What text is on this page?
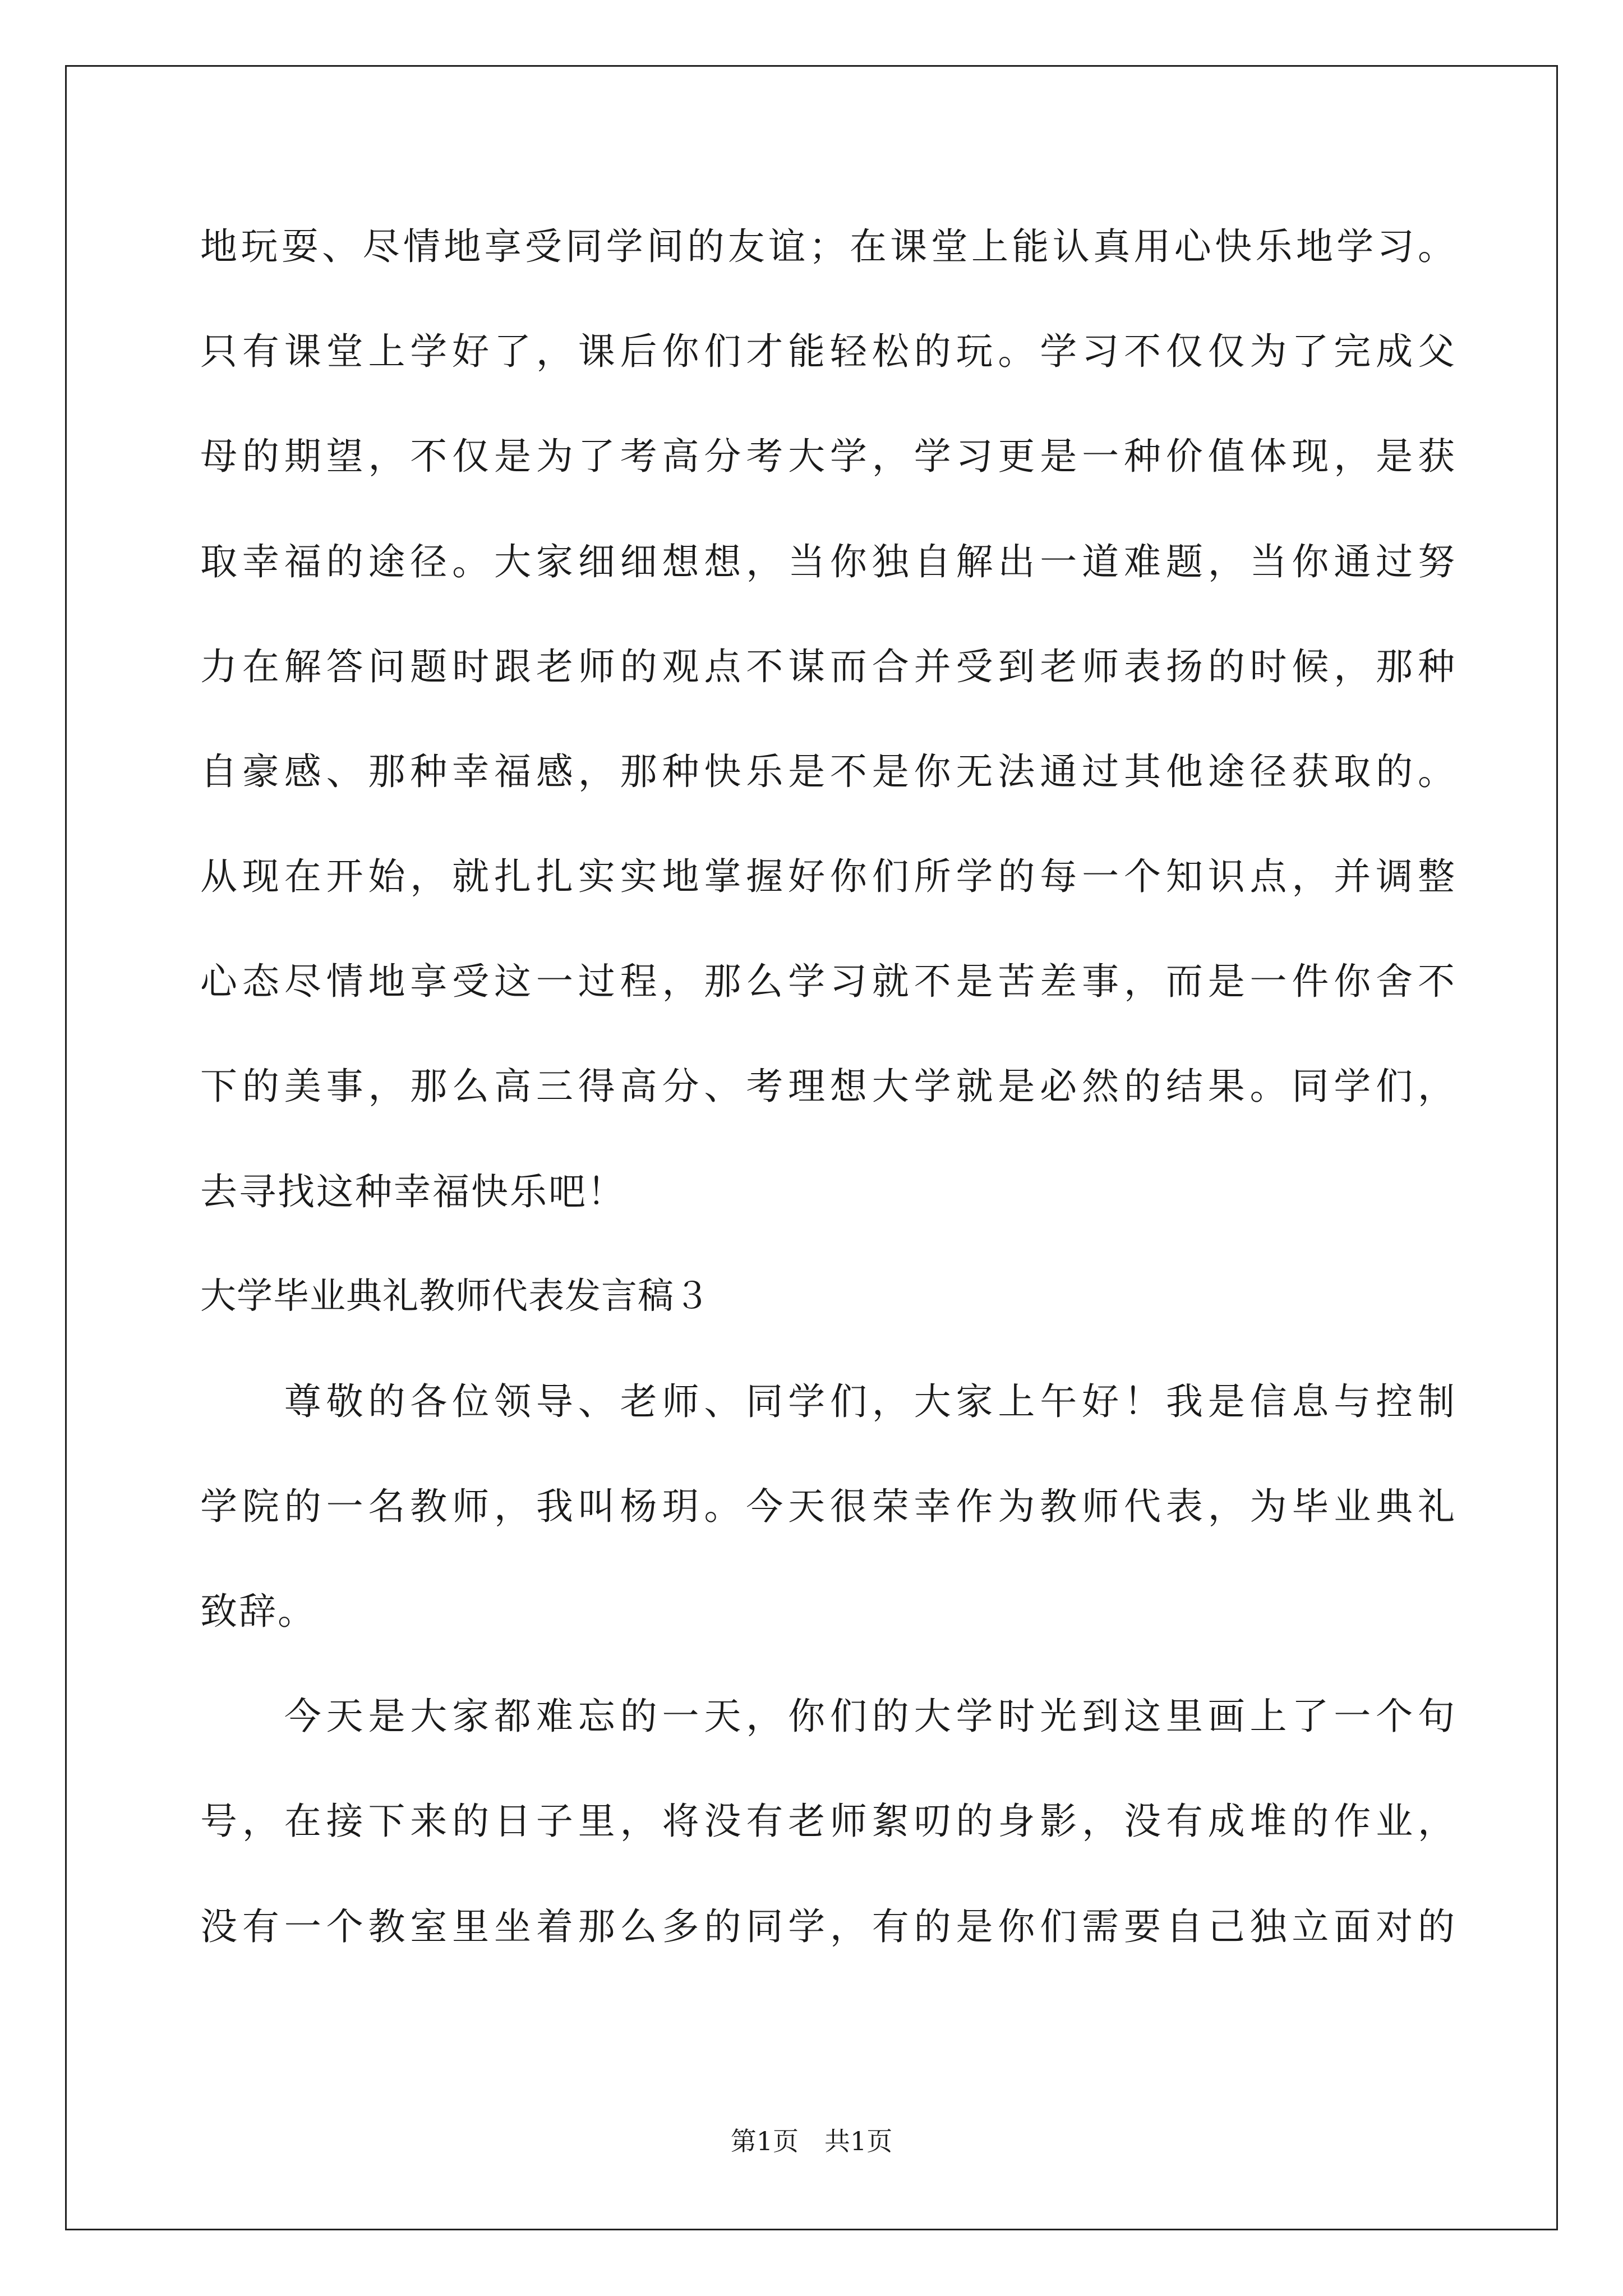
地玩耍、尽情地享受同学间的友谊；在课堂上能认真用心快乐地学习。
只有课堂上学好了，课后你们才能轻松的玩。学习不仅仅为了完成父
母的期望，不仅是为了考高分考大学，学习更是一种价值体现，是获
取幸福的途径。大家细细想想，当你独自解出一道难题，当你通过努
力在解答问题时跟老师的观点不谋而合并受到老师表扬的时候，那种
自豪感、那种幸福感，那种快乐是不是你无法通过其他途径获取的。
从现在开始，就扎扎实实地掌握好你们所学的每一个知识点，并调整
心态尽情地享受这一过程，那么学习就不是苦差事，而是一件你舍不
下的美事，那么高三得高分、考理想大学就是必然的结果。同学们，
去寻找这种幸福快乐吧！
大学毕业典礼教师代表发言稿３
　　尊敬的各位领导、老师、同学们，大家上午好！我是信息与控制
学院的一名教师，我叫杨玥。今天很荣幸作为教师代表，为毕业典礼
致辞。
　　今天是大家都难忘的一天，你们的大学时光到这里画上了一个句
号，在接下来的日子里，将没有老师絮叨的身影，没有成堆的作业，
没有一个教室里坐着那么多的同学，有的是你们需要自己独立面对的
第1页　共1页
